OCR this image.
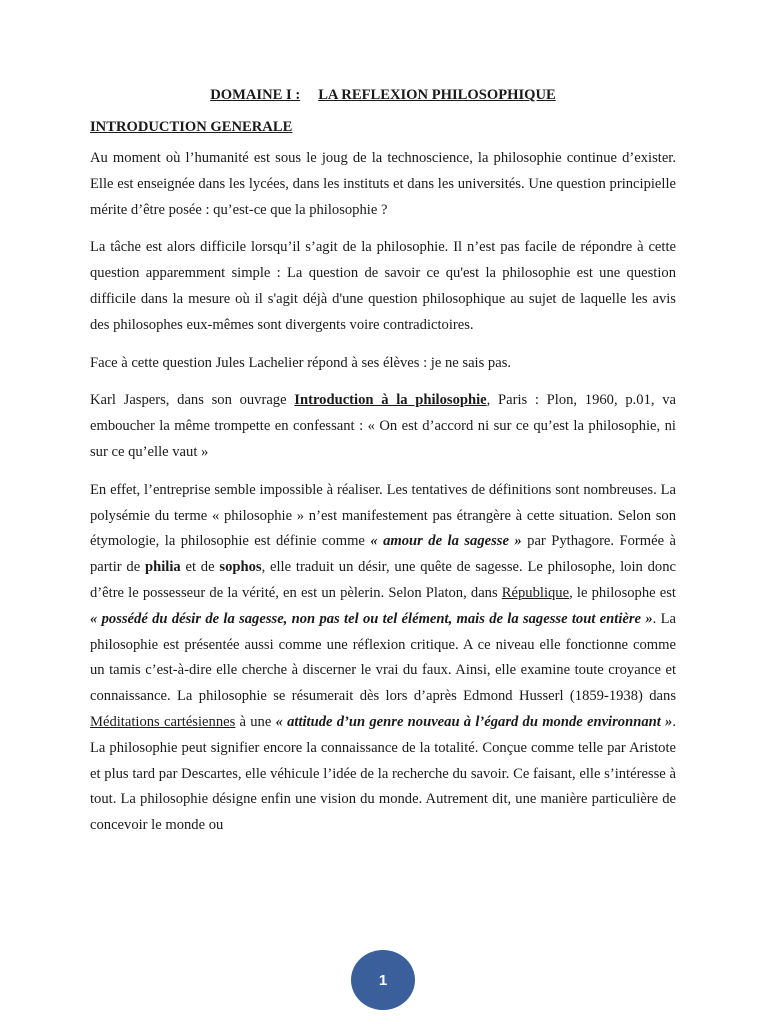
DOMAINE I : LA REFLEXION PHILOSOPHIQUE
INTRODUCTION GENERALE

Au moment où l’humanité est sous le joug de la technoscience, la philosophie continue d’exister. Elle est enseignée dans les lycées, dans les instituts et dans les universités. Une question principielle mérite d’être posée : qu’est-ce que la philosophie ?

La tâche est alors difficile lorsqu’il s’agit de la philosophie. Il n’est pas facile de répondre à cette question apparemment simple : La question de savoir ce qu'est la philosophie est une question difficile dans la mesure où il s'agit déjà d'une question philosophique au sujet de laquelle les avis des philosophes eux-mêmes sont divergents voire contradictoires.

Face à cette question Jules Lachelier répond à ses élèves : je ne sais pas.

Karl Jaspers, dans son ouvrage Introduction à la philosophie, Paris : Plon, 1960, p.01, va emboucher la même trompette en confessant : « On est d’accord ni sur ce qu’est la philosophie, ni sur ce qu’elle vaut »

En effet, l’entreprise semble impossible à réaliser. Les tentatives de définitions sont nombreuses. La polysémie du terme « philosophie » n’est manifestement pas étrangère à cette situation. Selon son étymologie, la philosophie est définie comme « amour de la sagesse » par Pythagore. Formée à partir de philia et de sophos, elle traduit un désir, une quête de sagesse. Le philosophe, loin donc d’être le possesseur de la vérité, en est un pèlerin. Selon Platon, dans République, le philosophe est « possédé du désir de la sagesse, non pas tel ou tel élément, mais de la sagesse tout entière ». La philosophie est présentée aussi comme une réflexion critique. A ce niveau elle fonctionne comme un tamis c’est-à-dire elle cherche à discerner le vrai du faux. Ainsi, elle examine toute croyance et connaissance. La philosophie se résumerait dès lors d’après Edmond Husserl (1859-1938) dans Méditations cartésiennes à une « attitude d’un genre nouveau à l’égard du monde environnant ». La philosophie peut signifier encore la connaissance de la totalité. Conçue comme telle par Aristote et plus tard par Descartes, elle véhicule l’idée de la recherche du savoir. Ce faisant, elle s’intéresse à tout. La philosophie désigne enfin une vision du monde. Autrement dit, une manière particulière de concevoir le monde ou

1
